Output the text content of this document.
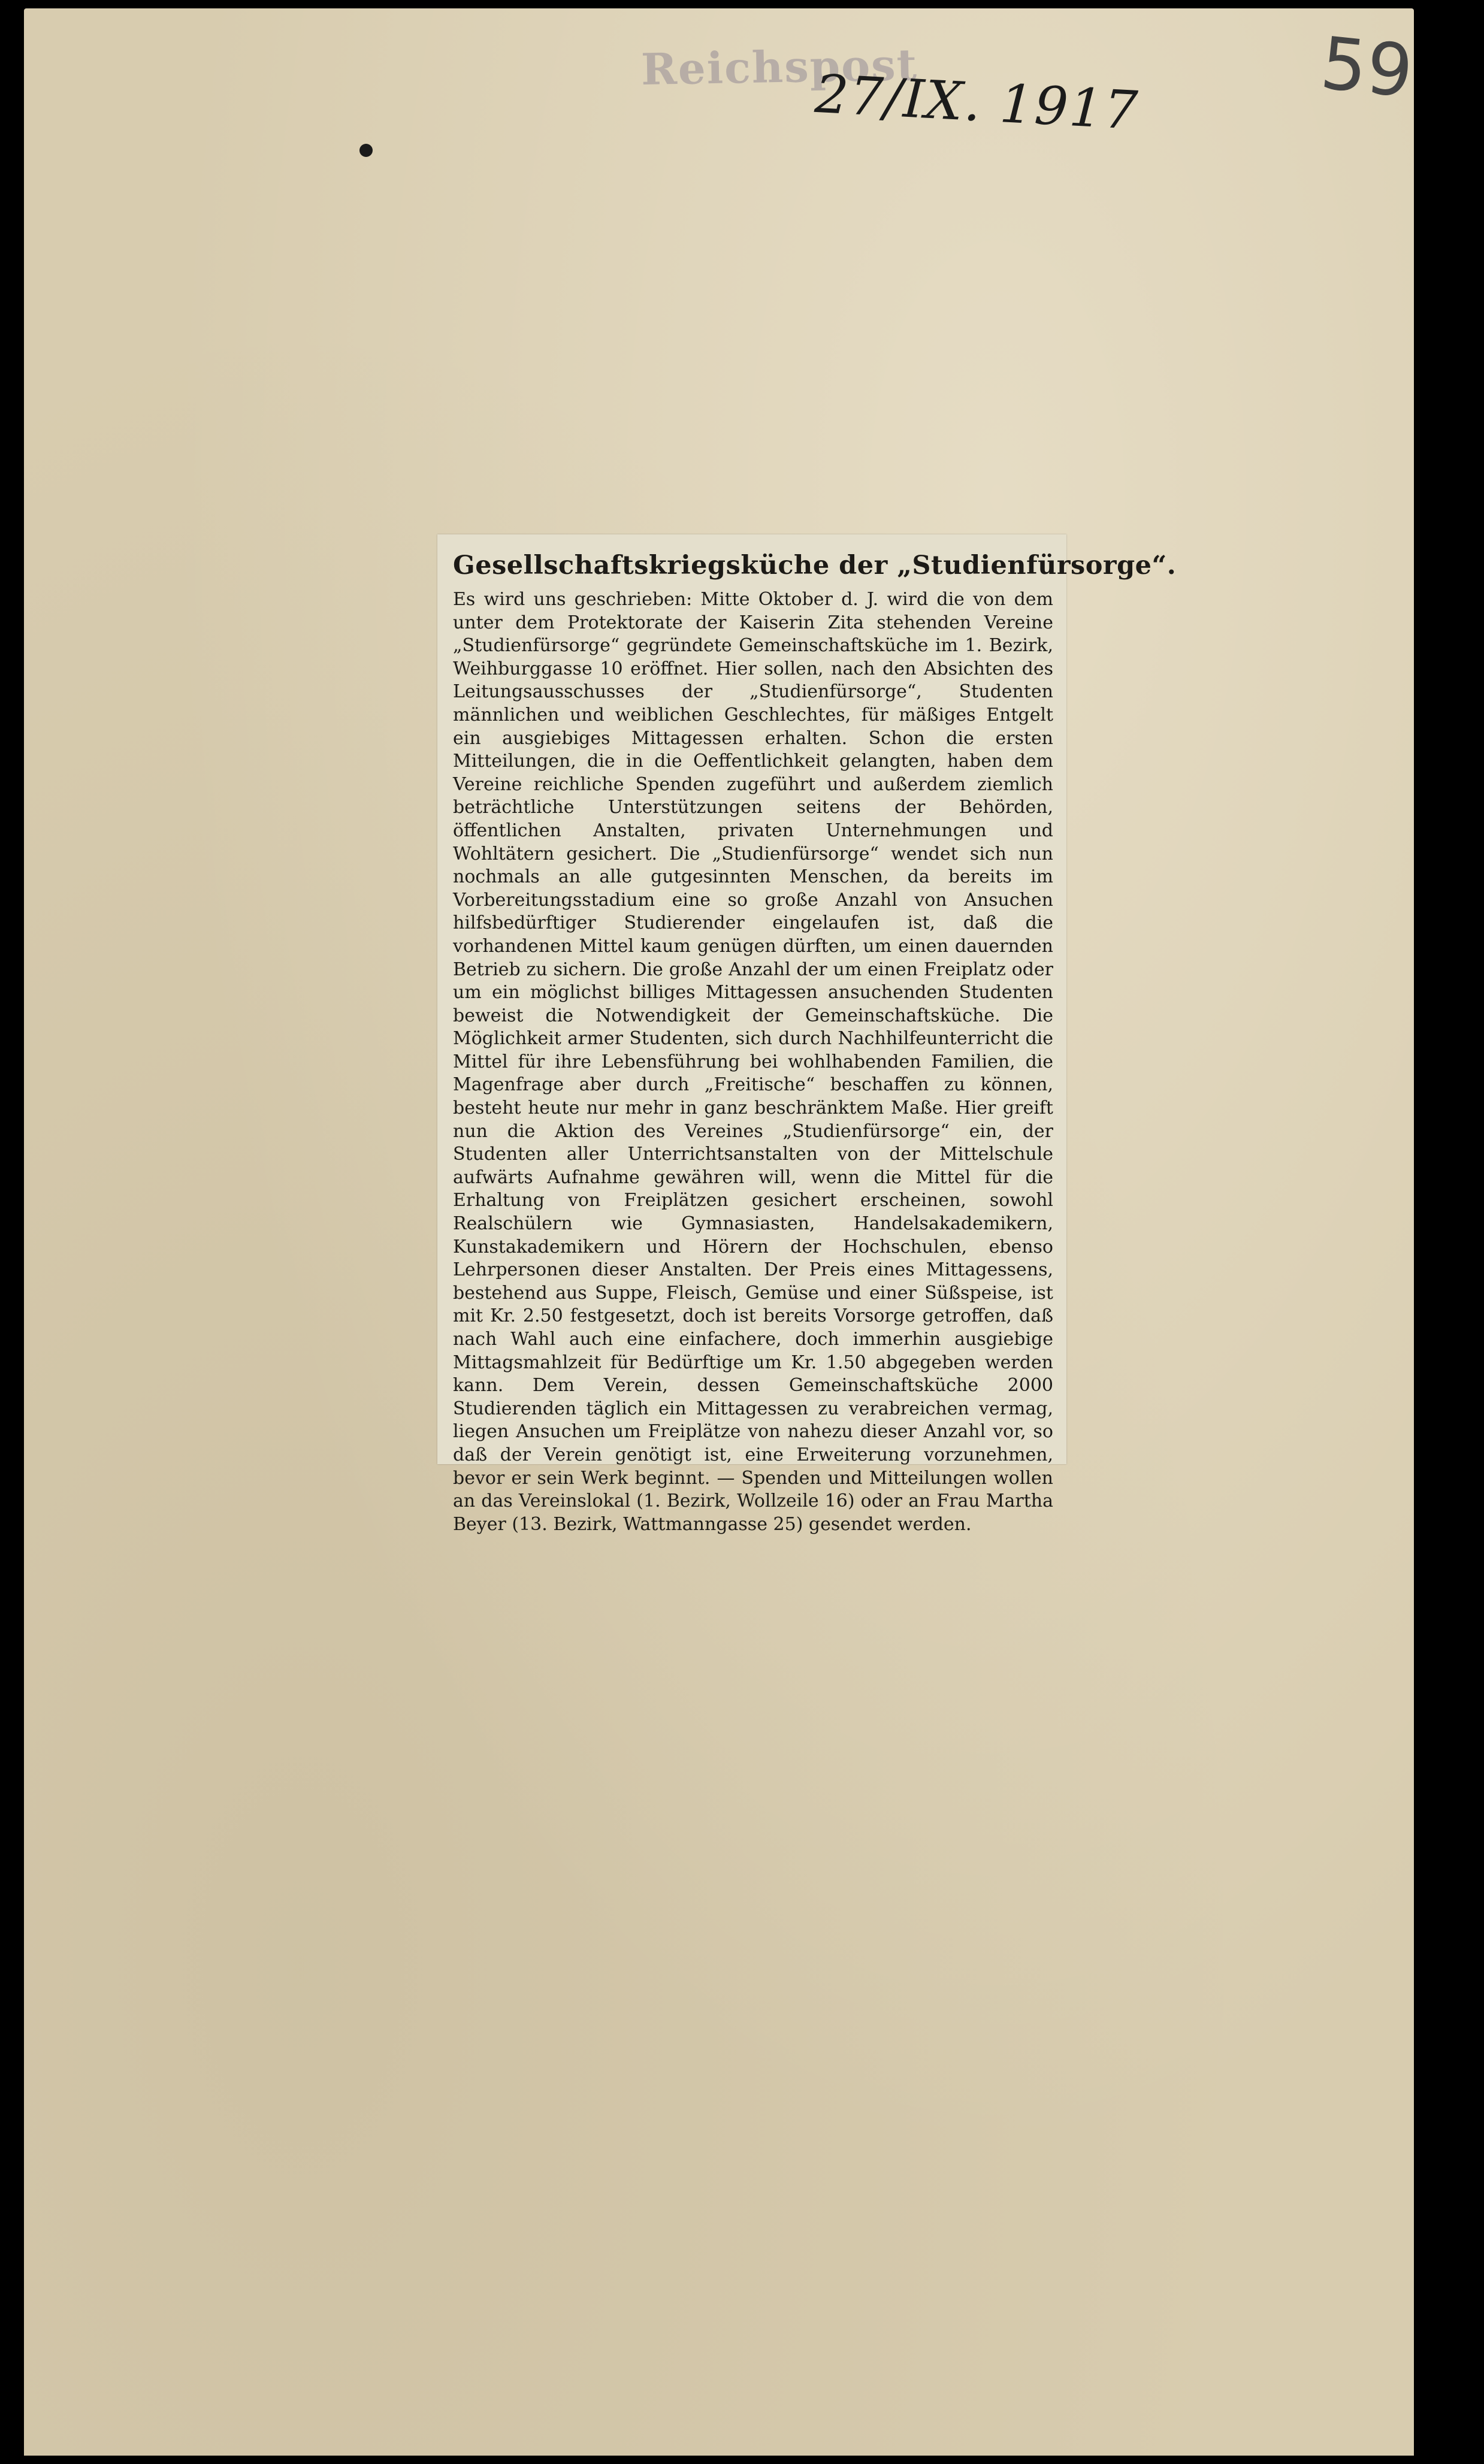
Reichspost
27/IX. 1917 59
Gesellschaftskriegsküche der „Studienfürsorge“.

Es wird uns geschrieben: Mitte Oktober d. J. wird die von dem unter dem Protektorate der Kaiserin Zita stehenden Vereine „Studienfürsorge“ gegründete Gemeinschaftsküche im 1. Bezirk, Weihburggasse 10 eröffnet. Hier sollen, nach den Absichten des Leitungsausschusses der „Studienfürsorge“, Studenten männlichen und weiblichen Geschlechtes, für mäßiges Entgelt ein ausgiebiges Mittagessen erhalten. Schon die ersten Mitteilungen, die in die Oeffentlichkeit gelangten, haben dem Vereine reichliche Spenden zugeführt und außerdem ziemlich beträchtliche Unterstützungen seitens der Behörden, öffentlichen Anstalten, privaten Unternehmungen und Wohltätern gesichert. Die „Studienfürsorge“ wendet sich nun nochmals an alle gutgesinnten Menschen, da bereits im Vorbereitungsstadium eine so große Anzahl von Ansuchen hilfsbedürftiger Studierender eingelaufen ist, daß die vorhandenen Mittel kaum genügen dürften, um einen dauernden Betrieb zu sichern. Die große Anzahl der um einen Freiplatz oder um ein möglichst billiges Mittagessen ansuchenden Studenten beweist die Notwendigkeit der Gemeinschaftsküche. Die Möglichkeit armer Studenten, sich durch Nachhilfeunterricht die Mittel für ihre Lebensführung bei wohlhabenden Familien, die Magenfrage aber durch „Freitische“ beschaffen zu können, besteht heute nur mehr in ganz beschränktem Maße. Hier greift nun die Aktion des Vereines „Studienfürsorge“ ein, der Studenten aller Unterrichtsanstalten von der Mittelschule aufwärts Aufnahme gewähren will, wenn die Mittel für die Erhaltung von Freiplätzen gesichert erscheinen, sowohl Realschülern wie Gymnasiasten, Handelsakademikern, Kunstakademikern und Hörern der Hochschulen, ebenso Lehrpersonen dieser Anstalten. Der Preis eines Mittagessens, bestehend aus Suppe, Fleisch, Gemüse und einer Süßspeise, ist mit Kr. 2.50 festgesetzt, doch ist bereits Vorsorge getroffen, daß nach Wahl auch eine einfachere, doch immerhin ausgiebige Mittagsmahlzeit für Bedürftige um Kr. 1.50 abgegeben werden kann. Dem Verein, dessen Gemeinschaftsküche 2000 Studierenden täglich ein Mittagessen zu verabreichen vermag, liegen Ansuchen um Freiplätze von nahezu dieser Anzahl vor, so daß der Verein genötigt ist, eine Erweiterung vorzunehmen, bevor er sein Werk beginnt. — Spenden und Mitteilungen wollen an das Vereinslokal (1. Bezirk, Wollzeile 16) oder an Frau Martha Beyer (13. Bezirk, Wattmanngasse 25) gesendet werden.
